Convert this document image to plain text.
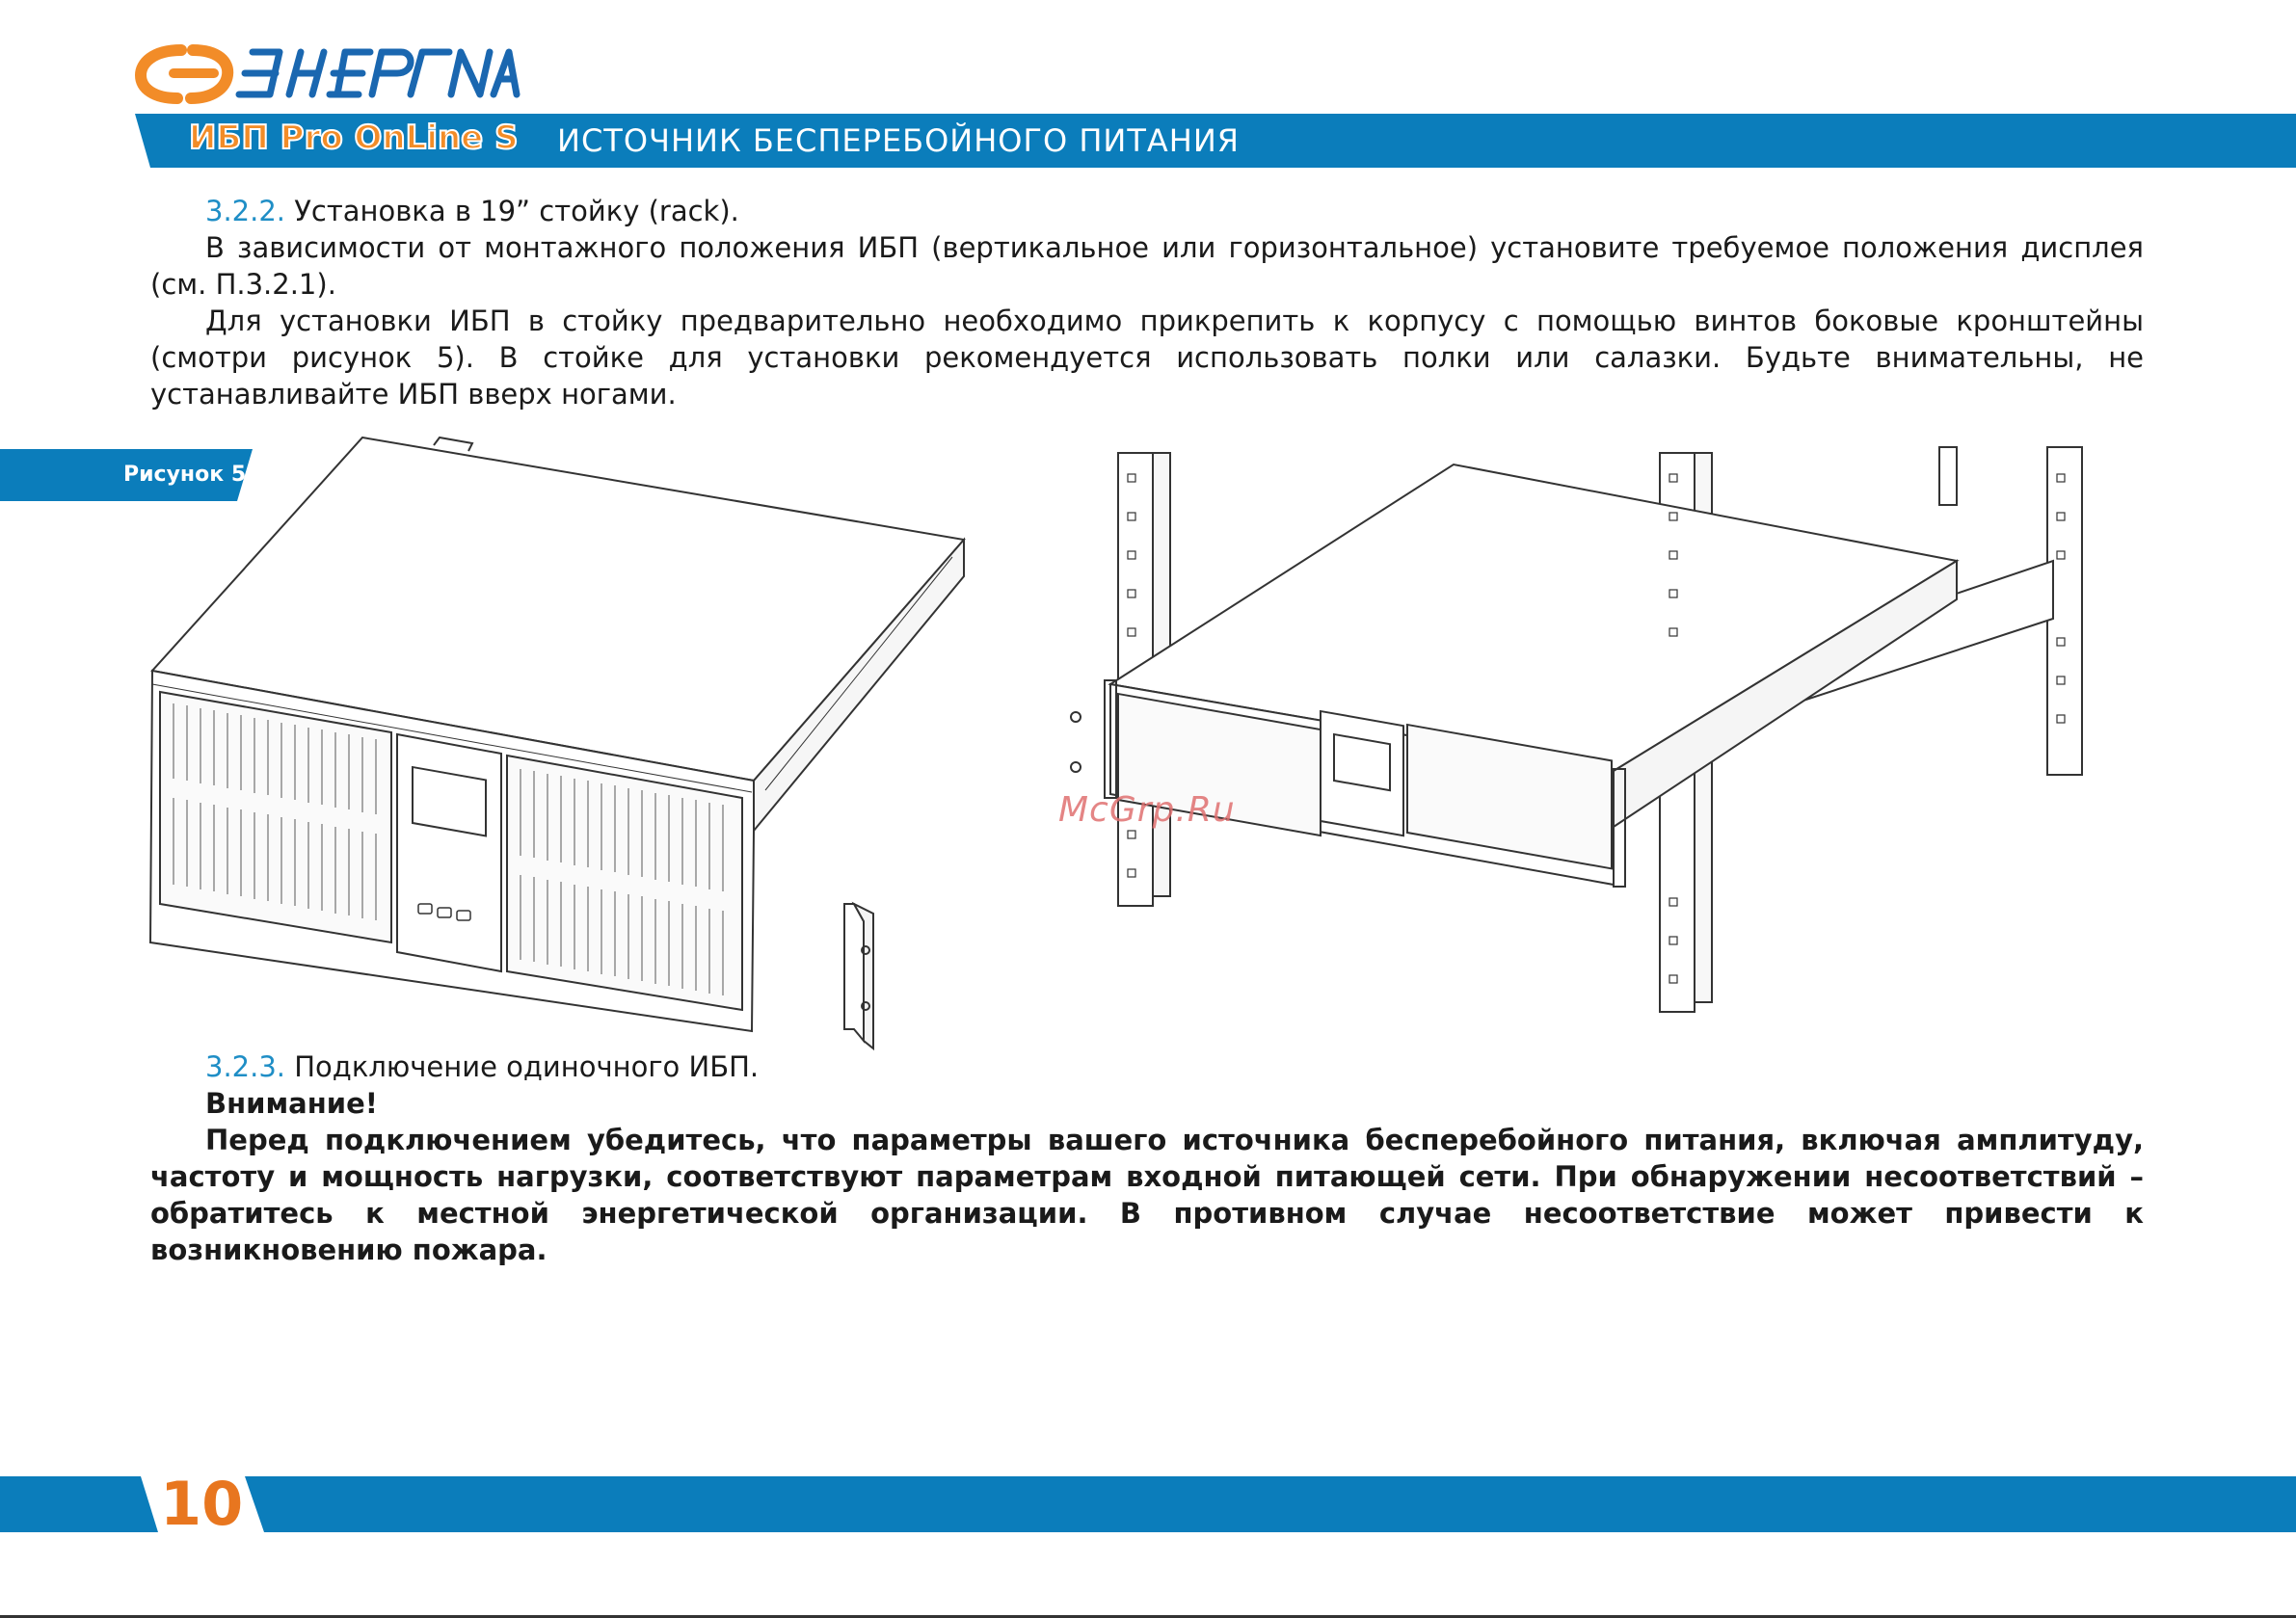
ИБП Pro OnLine S ИСТОЧНИК БЕСПЕРЕБОЙНОГО ПИТАНИЯ
3.2.2. Установка в 19” стойку (rack).
В зависимости от монтажного положения ИБП (вертикальное или горизонтальное) установите требуемое положения дисплея (см. П.3.2.1).
Для установки ИБП в стойку предварительно необходимо прикрепить к корпусу с помощью винтов боковые кронштейны (смотри рисунок 5). В стойке для установки рекомендуется использовать полки или салазки. Будьте внимательны, не устанавливайте ИБП вверх ногами.
Рисунок 5
McGrp.Ru
3.2.3. Подключение одиночного ИБП.
Внимание!
Перед подключением убедитесь, что параметры вашего источника бесперебойного питания, включая амплитуду, частоту и мощность нагрузки, соответствуют параметрам входной питающей сети. При обнаружении несоответствий – обратитесь к местной энергетической организации. В противном случае несоответствие может привести к возникновению пожара.
10
